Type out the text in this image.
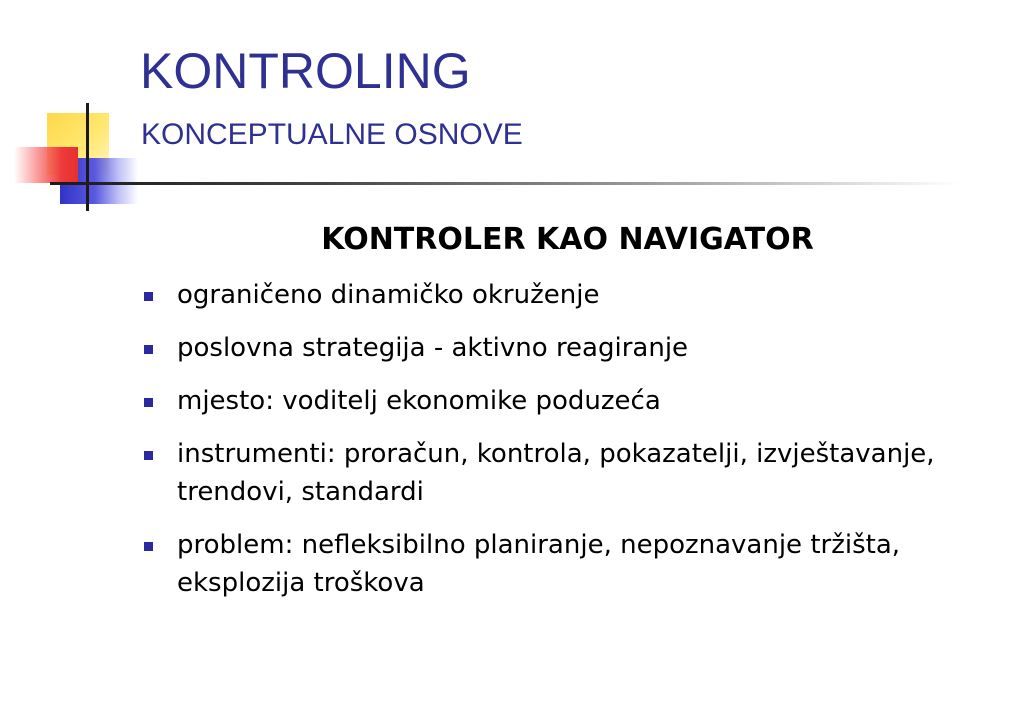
KONTROLING
KONCEPTUALNE OSNOVE
KONTROLER KAO NAVIGATOR
ograničeno dinamičko okruženje
poslovna strategija - aktivno reagiranje
mjesto: voditelj ekonomike poduzeća
instrumenti: proračun, kontrola, pokazatelji, izvještavanje, trendovi, standardi
problem: nefleksibilno planiranje, nepoznavanje tržišta, eksplozija troškova
